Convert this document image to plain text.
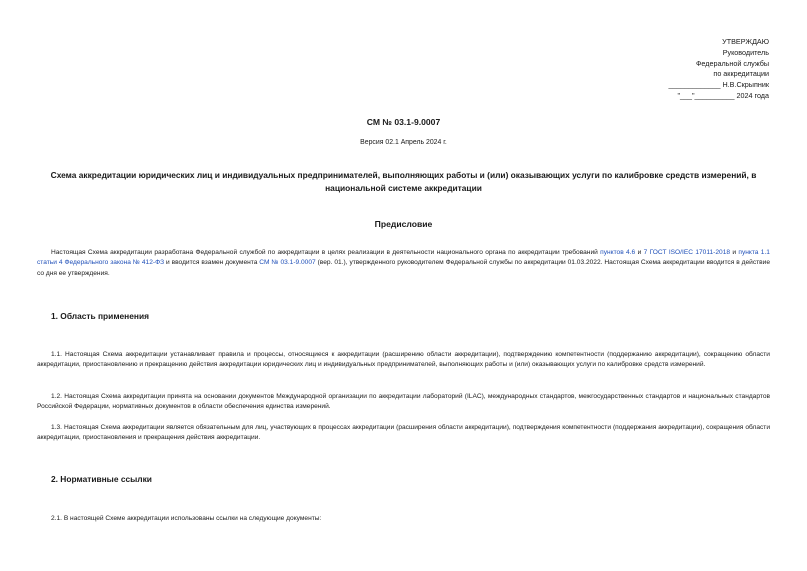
УТВЕРЖДАЮ
Руководитель
Федеральной службы
по аккредитации
_____________ Н.В.Скрыпник
"___"__________ 2024 года
СМ № 03.1-9.0007
Версия 02.1 Апрель 2024 г.
Схема аккредитации юридических лиц и индивидуальных предпринимателей, выполняющих работы и (или) оказывающих услуги по калибровке средств измерений, в национальной системе аккредитации
Предисловие
Настоящая Схема аккредитации разработана Федеральной службой по аккредитации в целях реализации в деятельности национального органа по аккредитации требований пунктов 4.6 и 7 ГОСТ ISO/IEC 17011-2018 и пункта 1.1 статьи 4 Федерального закона № 412-ФЗ и вводится взамен документа СМ № 03.1-9.0007 (вер. 01.), утвержденного руководителем Федеральной службы по аккредитации 01.03.2022. Настоящая Схема аккредитации вводится в действие со дня ее утверждения.
1. Область применения
1.1. Настоящая Схема аккредитации устанавливает правила и процессы, относящиеся к аккредитации (расширению области аккредитации), подтверждению компетентности (поддержанию аккредитации), сокращению области аккредитации, приостановлению и прекращению действия аккредитации юридических лиц и индивидуальных предпринимателей, выполняющих работы и (или) оказывающих услуги по калибровке средств измерений.
1.2. Настоящая Схема аккредитации принята на основании документов Международной организации по аккредитации лабораторий (ILAC), международных стандартов, межгосударственных стандартов и национальных стандартов Российской Федерации, нормативных документов в области обеспечения единства измерений.
1.3. Настоящая Схема аккредитации является обязательным для лиц, участвующих в процессах аккредитации (расширения области аккредитации), подтверждения компетентности (поддержания аккредитации), сокращения области аккредитации, приостановления и прекращения действия аккредитации.
2. Нормативные ссылки
2.1. В настоящей Схеме аккредитации использованы ссылки на следующие документы:
